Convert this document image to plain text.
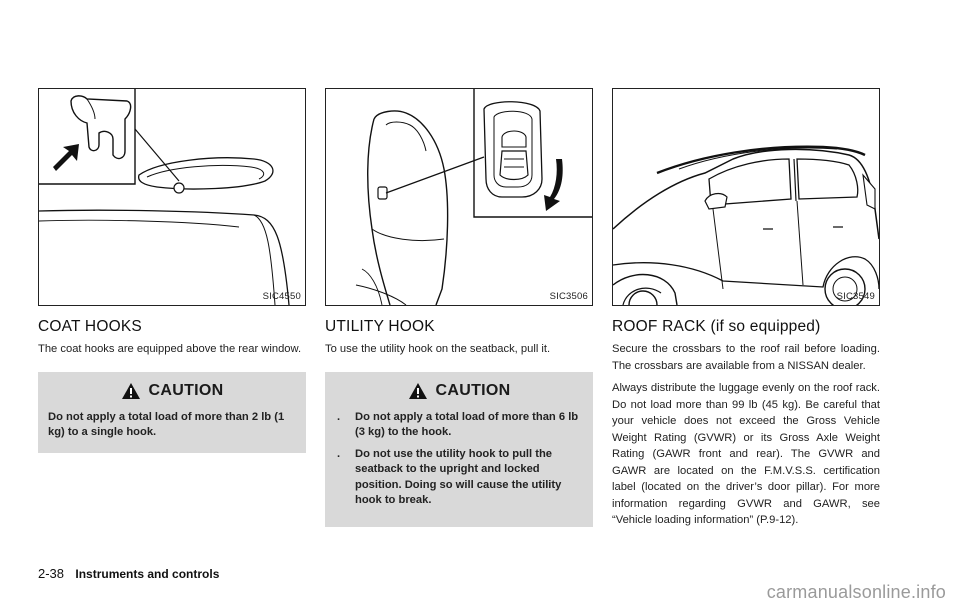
SIC4550
COAT HOOKS

The coat hooks are equipped above the rear window.

CAUTION
Do not apply a total load of more than 2 lb (1 kg) to a single hook.
SIC3506
UTILITY HOOK

To use the utility hook on the seatback, pull it.

CAUTION
. Do not apply a total load of more than 6 lb (3 kg) to the hook.
. Do not use the utility hook to pull the seatback to the upright and locked position. Doing so will cause the utility hook to break.
SIC3549
ROOF RACK (if so equipped)

Secure the crossbars to the roof rail before loading. The crossbars are available from a NISSAN dealer.

Always distribute the luggage evenly on the roof rack. Do not load more than 99 lb (45 kg). Be careful that your vehicle does not exceed the Gross Vehicle Weight Rating (GVWR) or its Gross Axle Weight Rating (GAWR front and rear). The GVWR and GAWR are located on the F.M.V.S.S. certification label (located on the driver’s door pillar). For more information regarding GVWR and GAWR, see “Vehicle loading information” (P.9-12).

2-38 Instruments and controls
carmanualsonline.info
